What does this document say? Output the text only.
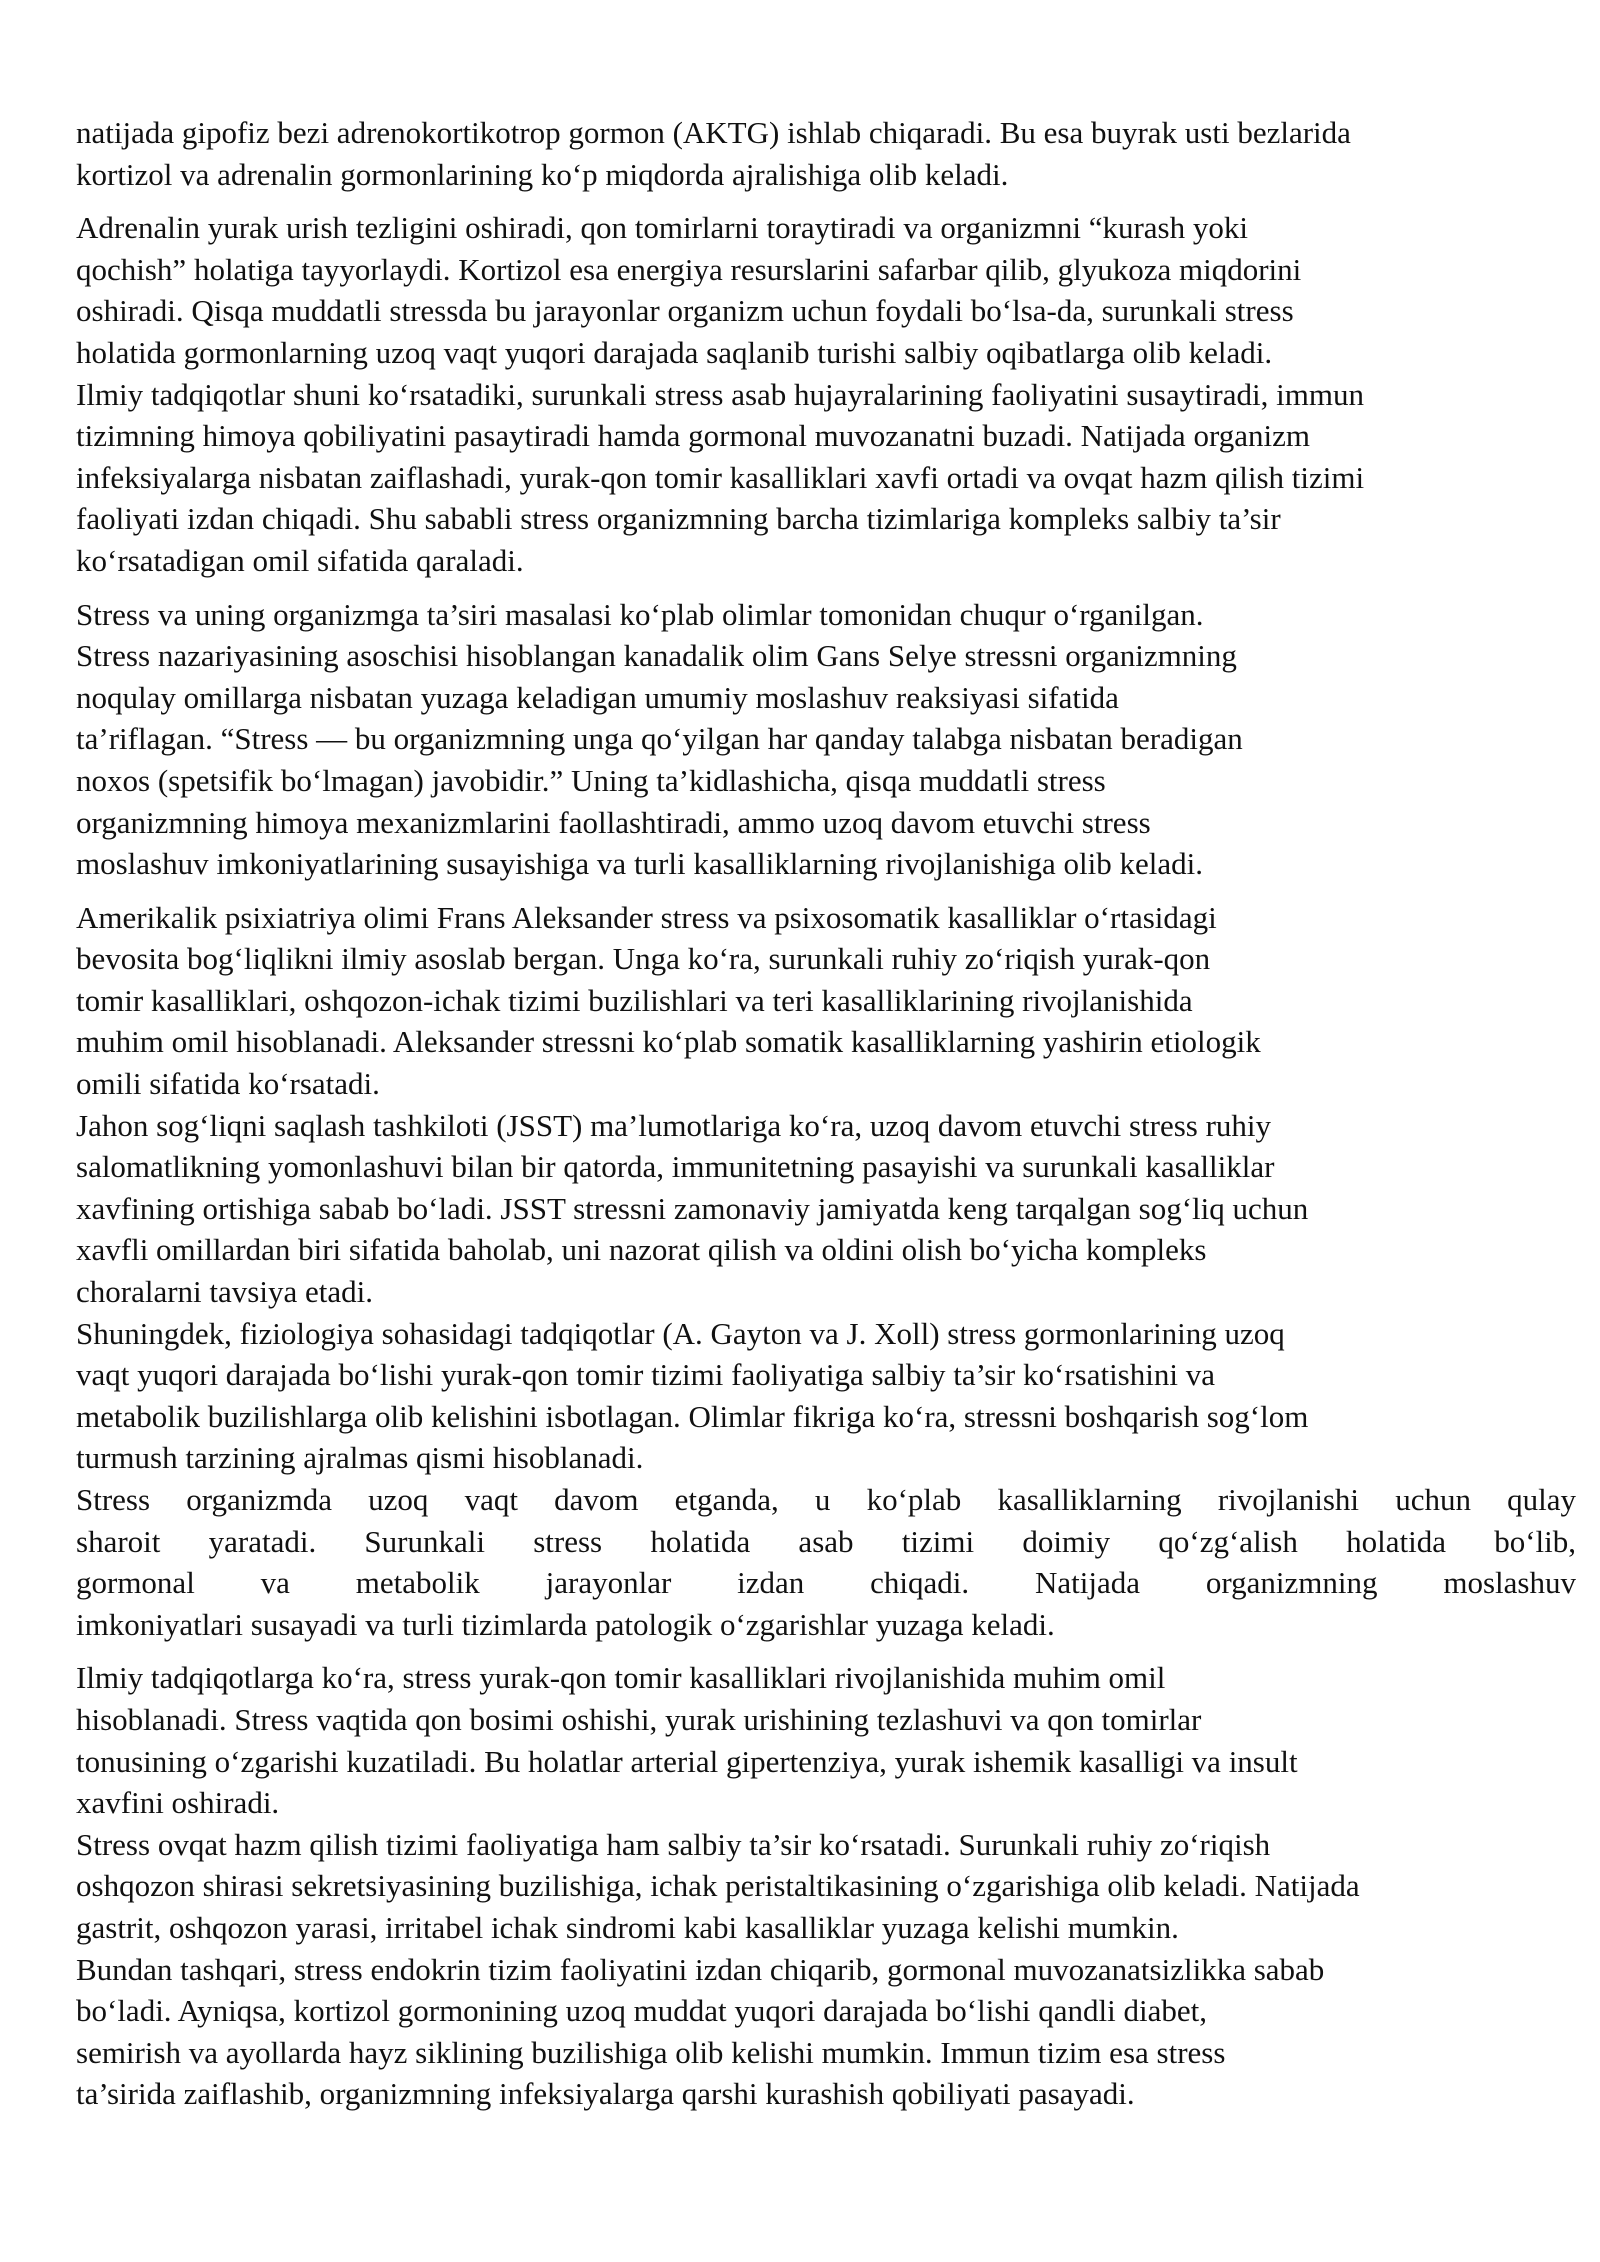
natijada gipofiz bezi adrenokortikotrop gormon (AKTG) ishlab chiqaradi. Bu esa buyrak usti bezlarida
kortizol va adrenalin gormonlarining ko‘p miqdorda ajralishiga olib keladi.
Adrenalin yurak urish tezligini oshiradi, qon tomirlarni toraytiradi va organizmni “kurash yoki
qochish” holatiga tayyorlaydi. Kortizol esa energiya resurslarini safarbar qilib, glyukoza miqdorini
oshiradi. Qisqa muddatli stressda bu jarayonlar organizm uchun foydali bo‘lsa-da, surunkali stress
holatida gormonlarning uzoq vaqt yuqori darajada saqlanib turishi salbiy oqibatlarga olib keladi.
Ilmiy tadqiqotlar shuni ko‘rsatadiki, surunkali stress asab hujayralarining faoliyatini susaytiradi, immun
tizimning himoya qobiliyatini pasaytiradi hamda gormonal muvozanatni buzadi. Natijada organizm
infeksiyalarga nisbatan zaiflashadi, yurak-qon tomir kasalliklari xavfi ortadi va ovqat hazm qilish tizimi
faoliyati izdan chiqadi. Shu sababli stress organizmning barcha tizimlariga kompleks salbiy ta’sir
ko‘rsatadigan omil sifatida qaraladi.
Stress va uning organizmga ta’siri masalasi ko‘plab olimlar tomonidan chuqur o‘rganilgan.
Stress nazariyasining asoschisi hisoblangan kanadalik olim Gans Selye stressni organizmning
noqulay omillarga nisbatan yuzaga keladigan umumiy moslashuv reaksiyasi sifatida
ta’riflagan. “Stress — bu organizmning unga qo‘yilgan har qanday talabga nisbatan beradigan
noxos (spetsifik bo‘lmagan) javobidir.” Uning ta’kidlashicha, qisqa muddatli stress
organizmning himoya mexanizmlarini faollashtiradi, ammo uzoq davom etuvchi stress
moslashuv imkoniyatlarining susayishiga va turli kasalliklarning rivojlanishiga olib keladi.
Amerikalik psixiatriya olimi Frans Aleksander stress va psixosomatik kasalliklar o‘rtasidagi
bevosita bog‘liqlikni ilmiy asoslab bergan. Unga ko‘ra, surunkali ruhiy zo‘riqish yurak-qon
tomir kasalliklari, oshqozon-ichak tizimi buzilishlari va teri kasalliklarining rivojlanishida
muhim omil hisoblanadi. Aleksander stressni ko‘plab somatik kasalliklarning yashirin etiologik
omili sifatida ko‘rsatadi.
Jahon sog‘liqni saqlash tashkiloti (JSST) ma’lumotlariga ko‘ra, uzoq davom etuvchi stress ruhiy
salomatlikning yomonlashuvi bilan bir qatorda, immunitetning pasayishi va surunkali kasalliklar
xavfining ortishiga sabab bo‘ladi. JSST stressni zamonaviy jamiyatda keng tarqalgan sog‘liq uchun
xavfli omillardan biri sifatida baholab, uni nazorat qilish va oldini olish bo‘yicha kompleks
choralarni tavsiya etadi.
Shuningdek, fiziologiya sohasidagi tadqiqotlar (A. Gayton va J. Xoll) stress gormonlarining uzoq
vaqt yuqori darajada bo‘lishi yurak-qon tomir tizimi faoliyatiga salbiy ta’sir ko‘rsatishini va
metabolik buzilishlarga olib kelishini isbotlagan. Olimlar fikriga ko‘ra, stressni boshqarish sog‘lom
turmush tarzining ajralmas qismi hisoblanadi.
Stress organizmda uzoq vaqt davom etganda, u ko‘plab kasalliklarning rivojlanishi uchun qulay
sharoit yaratadi. Surunkali stress holatida asab tizimi doimiy qo‘zg‘alish holatida bo‘lib,
gormonal va metabolik jarayonlar izdan chiqadi. Natijada organizmning moslashuv
imkoniyatlari susayadi va turli tizimlarda patologik o‘zgarishlar yuzaga keladi.
Ilmiy tadqiqotlarga ko‘ra, stress yurak-qon tomir kasalliklari rivojlanishida muhim omil
hisoblanadi. Stress vaqtida qon bosimi oshishi, yurak urishining tezlashuvi va qon tomirlar
tonusining o‘zgarishi kuzatiladi. Bu holatlar arterial gipertenziya, yurak ishemik kasalligi va insult
xavfini oshiradi.
Stress ovqat hazm qilish tizimi faoliyatiga ham salbiy ta’sir ko‘rsatadi. Surunkali ruhiy zo‘riqish
oshqozon shirasi sekretsiyasining buzilishiga, ichak peristaltikasining o‘zgarishiga olib keladi. Natijada
gastrit, oshqozon yarasi, irritabel ichak sindromi kabi kasalliklar yuzaga kelishi mumkin.
Bundan tashqari, stress endokrin tizim faoliyatini izdan chiqarib, gormonal muvozanatsizlikka sabab
bo‘ladi. Ayniqsa, kortizol gormonining uzoq muddat yuqori darajada bo‘lishi qandli diabet,
semirish va ayollarda hayz siklining buzilishiga olib kelishi mumkin. Immun tizim esa stress
ta’sirida zaiflashib, organizmning infeksiyalarga qarshi kurashish qobiliyati pasayadi.
